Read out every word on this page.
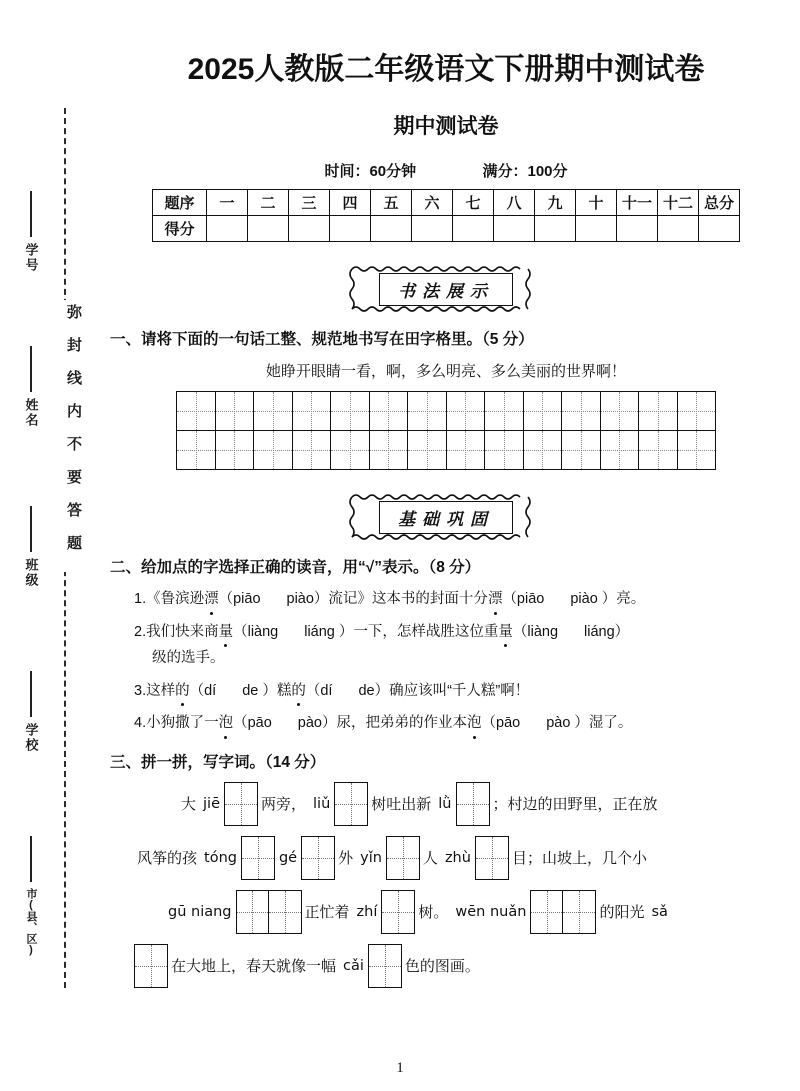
学号
姓名
班级
学校
市(县、区)
弥封线内不要答题
2025人教版二年级语文下册期中测试卷
期中测试卷
时间：60分钟	满分：100分
题序	一	二	三	四	五	六	七	八	九	十	十一	十二	总分
得分													
书法展示
一、请将下面的一句话工整、规范地书写在田字格里。（5 分）
她睁开眼睛一看，啊，多么明亮、多么美丽的世界啊！

基础巩固
二、给加点的字选择正确的读音，用“√”表示。（8 分）
1.《鲁滨逊漂（piāo piào）流记》这本书的封面十分漂（piāo piào ）亮。
2.我们快来商量（liàng liáng ）一下，怎样战胜这位重量（liàng liáng）
级的选手。
3.这样的（dí de ）糕的（dí de）确应该叫“千人糕”啊！
4.小狗撒了一泡（pāo pào）尿，把弟弟的作业本泡（pāo pào ）湿了。
三、拼一拼，写字词。（14 分）
大 jiē	两旁， liǔ	树吐出新 lǜ	；村边的田野里，正在放
风筝的孩 tóng	gé	外 yǐn	人 zhù	目；山坡上，几个小
gū niang	正忙着 zhí	树。 wēn nuǎn	的阳光 sǎ
在大地上，春天就像一幅 cǎi	色的图画。
1
